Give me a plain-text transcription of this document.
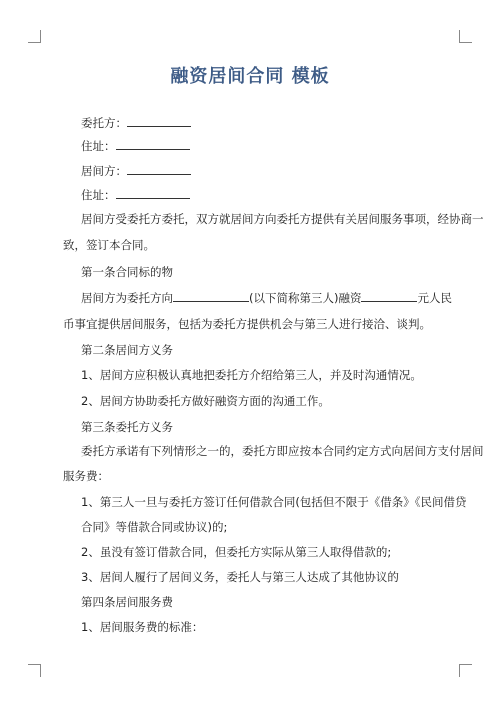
融资居间合同 模板
委托方：
住址：
居间方：
住址：
居间方受委托方委托，双方就居间方向委托方提供有关居间服务事项，经协商一
致，签订本合同。
第一条合同标的物
居间方为委托方向	(以下简称第三人)融资	元人民
币事宜提供居间服务，包括为委托方提供机会与第三人进行接洽、谈判。
第二条居间方义务
1、居间方应积极认真地把委托方介绍给第三人，并及时沟通情况。
2、居间方协助委托方做好融资方面的沟通工作。
第三条委托方义务
委托方承诺有下列情形之一的，委托方即应按本合同约定方式向居间方支付居间
服务费：
1、第三人一旦与委托方签订任何借款合同(包括但不限于《借条》《民间借贷
合同》等借款合同或协议)的;
2、虽没有签订借款合同，但委托方实际从第三人取得借款的;
3、居间人履行了居间义务，委托人与第三人达成了其他协议的
第四条居间服务费
1、居间服务费的标准：
